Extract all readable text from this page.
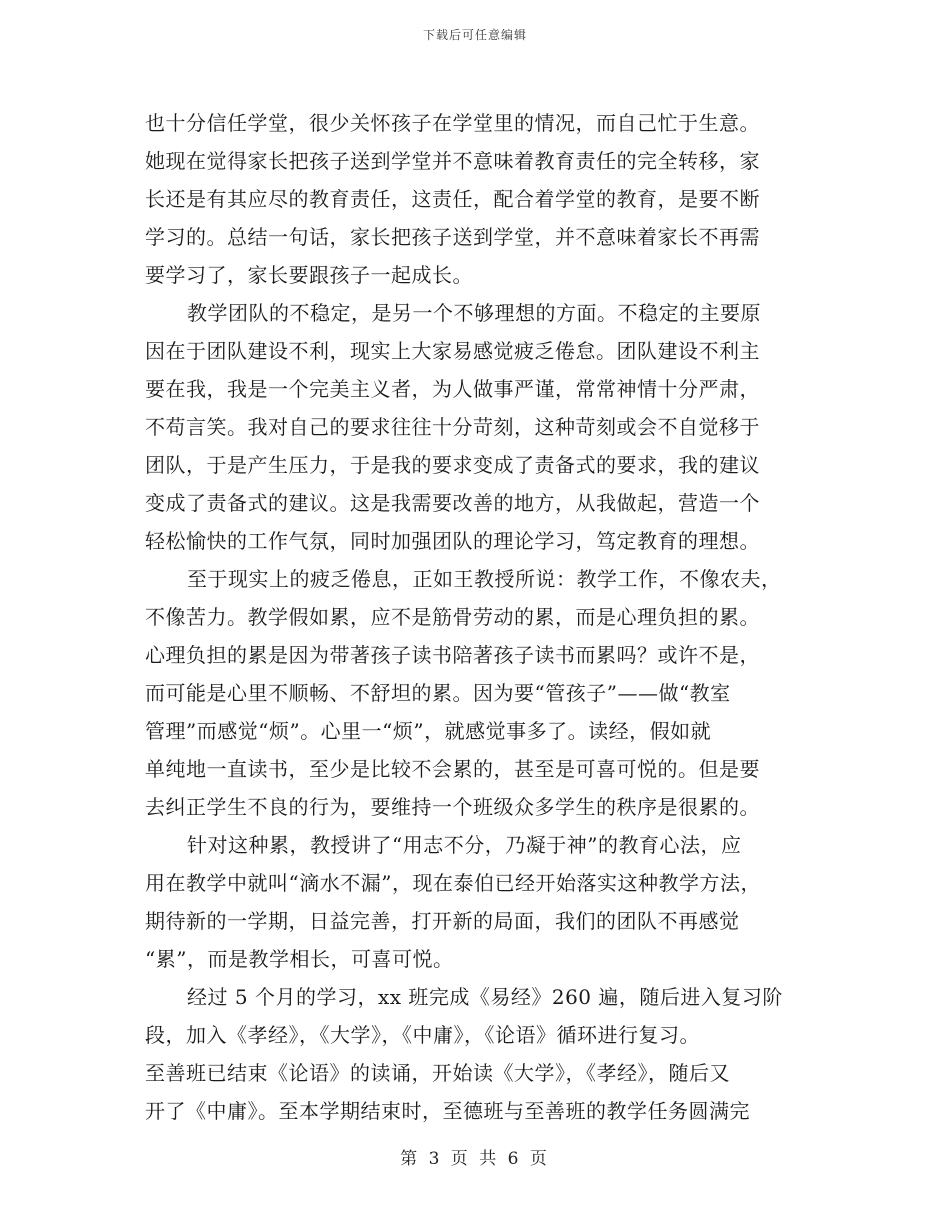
下载后可任意编辑
也十分信任学堂，很少关怀孩子在学堂里的情况，而自己忙于生意。
她现在觉得家长把孩子送到学堂并不意味着教育责任的完全转移，家
长还是有其应尽的教育责任，这责任，配合着学堂的教育，是要不断
学习的。总结一句话，家长把孩子送到学堂，并不意味着家长不再需
要学习了，家长要跟孩子一起成长。
教学团队的不稳定，是另一个不够理想的方面。不稳定的主要原
因在于团队建设不利，现实上大家易感觉疲乏倦怠。团队建设不利主
要在我，我是一个完美主义者，为人做事严谨，常常神情十分严肃，
不苟言笑。我对自己的要求往往十分苛刻，这种苛刻或会不自觉移于
团队，于是产生压力，于是我的要求变成了责备式的要求，我的建议
变成了责备式的建议。这是我需要改善的地方，从我做起，营造一个
轻松愉快的工作气氛，同时加强团队的理论学习，笃定教育的理想。
至于现实上的疲乏倦息，正如王教授所说：教学工作，不像农夫，
不像苦力。教学假如累，应不是筋骨劳动的累，而是心理负担的累。
心理负担的累是因为带著孩子读书陪著孩子读书而累吗？或许不是，
而可能是心里不顺畅、不舒坦的累。因为要“管孩子”——做“教室
管理”而感觉“烦”。心里一“烦”，就感觉事多了。读经，假如就
单纯地一直读书，至少是比较不会累的，甚至是可喜可悦的。但是要
去纠正学生不良的行为，要维持一个班级众多学生的秩序是很累的。
针对这种累，教授讲了“用志不分，乃凝于神”的教育心法，应
用在教学中就叫“滴水不漏”，现在泰伯已经开始落实这种教学方法，
期待新的一学期，日益完善，打开新的局面，我们的团队不再感觉
“累”，而是教学相长，可喜可悦。
经过 5 个月的学习，xx 班完成《易经》260 遍，随后进入复习阶
段，加入《孝经》，《大学》，《中庸》，《论语》循环进行复习。
至善班已结束《论语》的读诵，开始读《大学》，《孝经》，随后又
开了《中庸》。至本学期结束时，至德班与至善班的教学任务圆满完
第 3 页 共 6 页
